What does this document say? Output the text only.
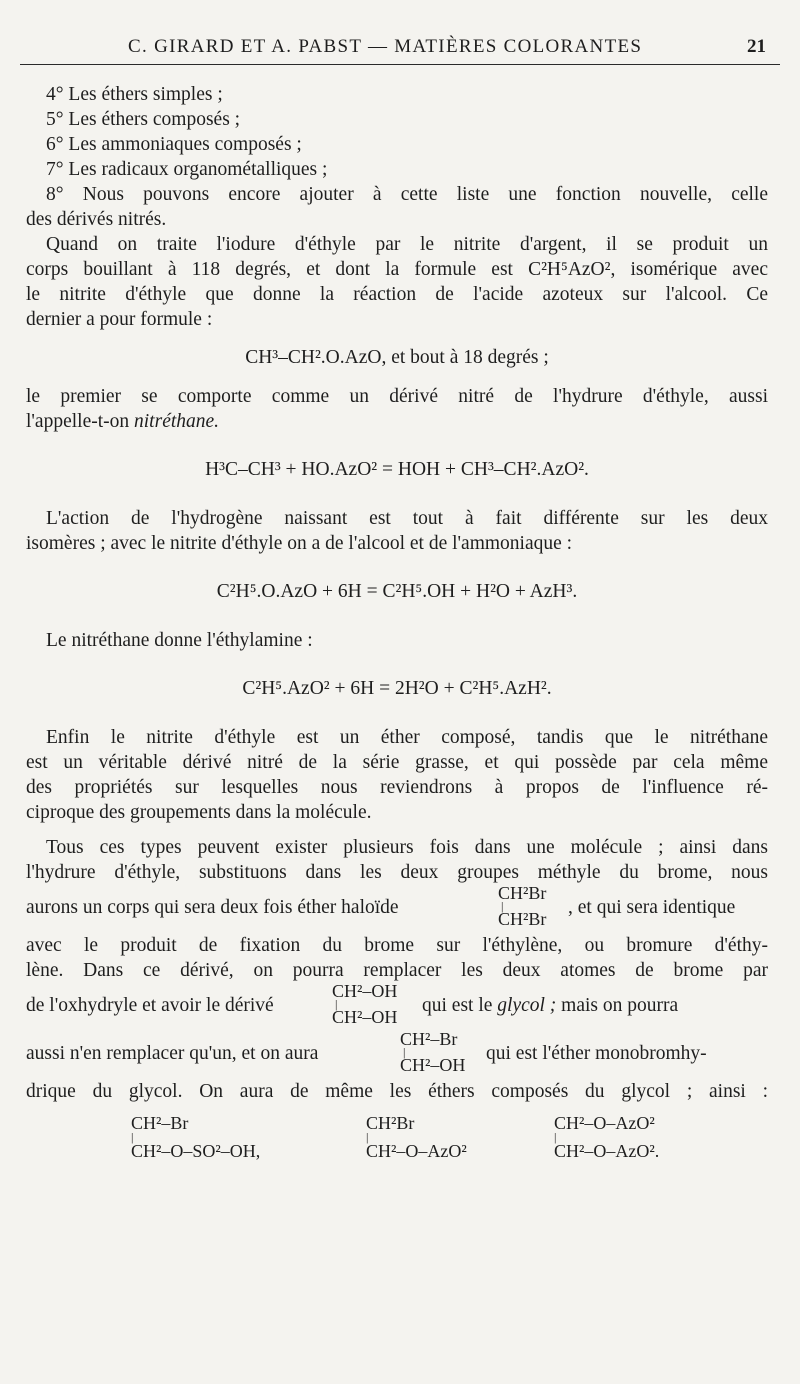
C. GIRARD ET A. PABST — MATIÈRES COLORANTES	21
4° Les éthers simples ;
5° Les éthers composés ;
6° Les ammoniaques composés ;
7° Les radicaux organométalliques ;
8° Nous pouvons encore ajouter à cette liste une fonction nouvelle, celle
des dérivés nitrés.
Quand on traite l'iodure d'éthyle par le nitrite d'argent, il se produit un
corps bouillant à 118 degrés, et dont la formule est C²H⁵AzO², isomérique avec
le nitrite d'éthyle que donne la réaction de l'acide azoteux sur l'alcool. Ce
dernier a pour formule :
CH³–CH².O.AzO, et bout à 18 degrés ;
le premier se comporte comme un dérivé nitré de l'hydrure d'éthyle, aussi
l'appelle-t-on nitréthane.
H³C–CH³ + HO.AzO² = HOH + CH³–CH².AzO².
L'action de l'hydrogène naissant est tout à fait différente sur les deux
isomères ; avec le nitrite d'éthyle on a de l'alcool et de l'ammoniaque :
C²H⁵.O.AzO + 6H = C²H⁵.OH + H²O + AzH³.
Le nitréthane donne l'éthylamine :
C²H⁵.AzO² + 6H = 2H²O + C²H⁵.AzH².
Enfin le nitrite d'éthyle est un éther composé, tandis que le nitréthane
est un véritable dérivé nitré de la série grasse, et qui possède par cela même
des propriétés sur lesquelles nous reviendrons à propos de l'influence ré-
ciproque des groupements dans la molécule.
Tous ces types peuvent exister plusieurs fois dans une molécule ; ainsi dans
l'hydrure d'éthyle, substituons dans les deux groupes méthyle du brome, nous
aurons un corps qui sera deux fois éther haloïde
CH²Br
|
CH²Br
, et qui sera identique
avec le produit de fixation du brome sur l'éthylène, ou bromure d'éthy-
lène. Dans ce dérivé, on pourra remplacer les deux atomes de brome par
de l'oxhydryle et avoir le dérivé
CH²–OH
|
CH²–OH
qui est le glycol ; mais on pourra
aussi n'en remplacer qu'un, et on aura
CH²–Br
|
CH²–OH
qui est l'éther monobromhy-
drique du glycol. On aura de même les éthers composés du glycol ; ainsi :
CH²–Br
|
CH²–O–SO²–OH,
CH²Br
|
CH²–O–AzO²
CH²–O–AzO²
|
CH²–O–AzO².
